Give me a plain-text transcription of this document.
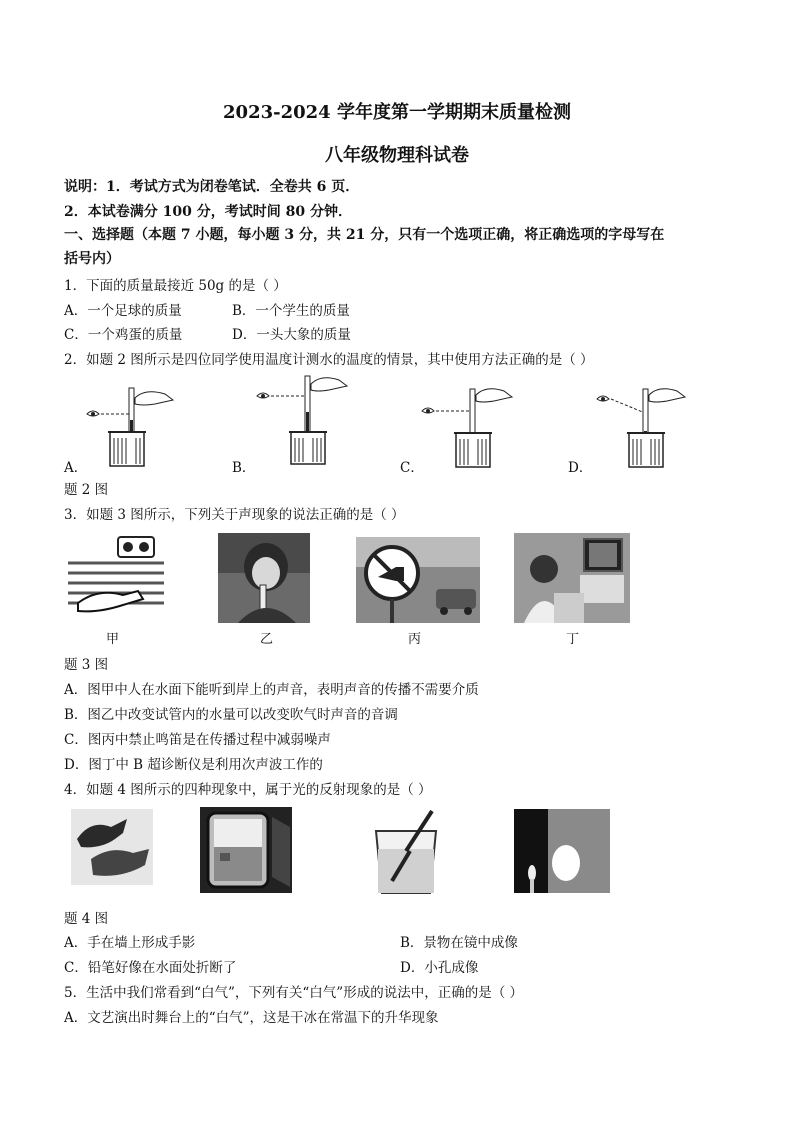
2023-2024 学年度第一学期期末质量检测
八年级物理科试卷
说明：1．考试方式为闭卷笔试．全卷共 6 页．
2．本试卷满分 100 分，考试时间 80 分钟．
一、选择题（本题 7 小题，每小题 3 分，共 21 分，只有一个选项正确，将正确选项的字母写在
括号内）
1．下面的质量最接近 50g 的是（ ）
A．一个足球的质量	B．一个学生的质量
C．一个鸡蛋的质量	D．一头大象的质量
2．如题 2 图所示是四位同学使用温度计测水的温度的情景，其中使用方法正确的是（ ）
A．	B．	C．	D．
题 2 图
3．如题 3 图所示，下列关于声现象的说法正确的是（ ）
甲	乙	丙	丁
题 3 图
A．图甲中人在水面下能听到岸上的声音，表明声音的传播不需要介质
B．图乙中改变试管内的水量可以改变吹气时声音的音调
C．图丙中禁止鸣笛是在传播过程中减弱噪声
D．图丁中 B 超诊断仪是利用次声波工作的
4．如题 4 图所示的四种现象中，属于光的反射现象的是（ ）
题 4 图
A．手在墙上形成手影	B．景物在镜中成像
C．铅笔好像在水面处折断了	D．小孔成像
5．生活中我们常看到“白气”，下列有关“白气”形成的说法中，正确的是（ ）
A．文艺演出时舞台上的“白气”，这是干冰在常温下的升华现象
